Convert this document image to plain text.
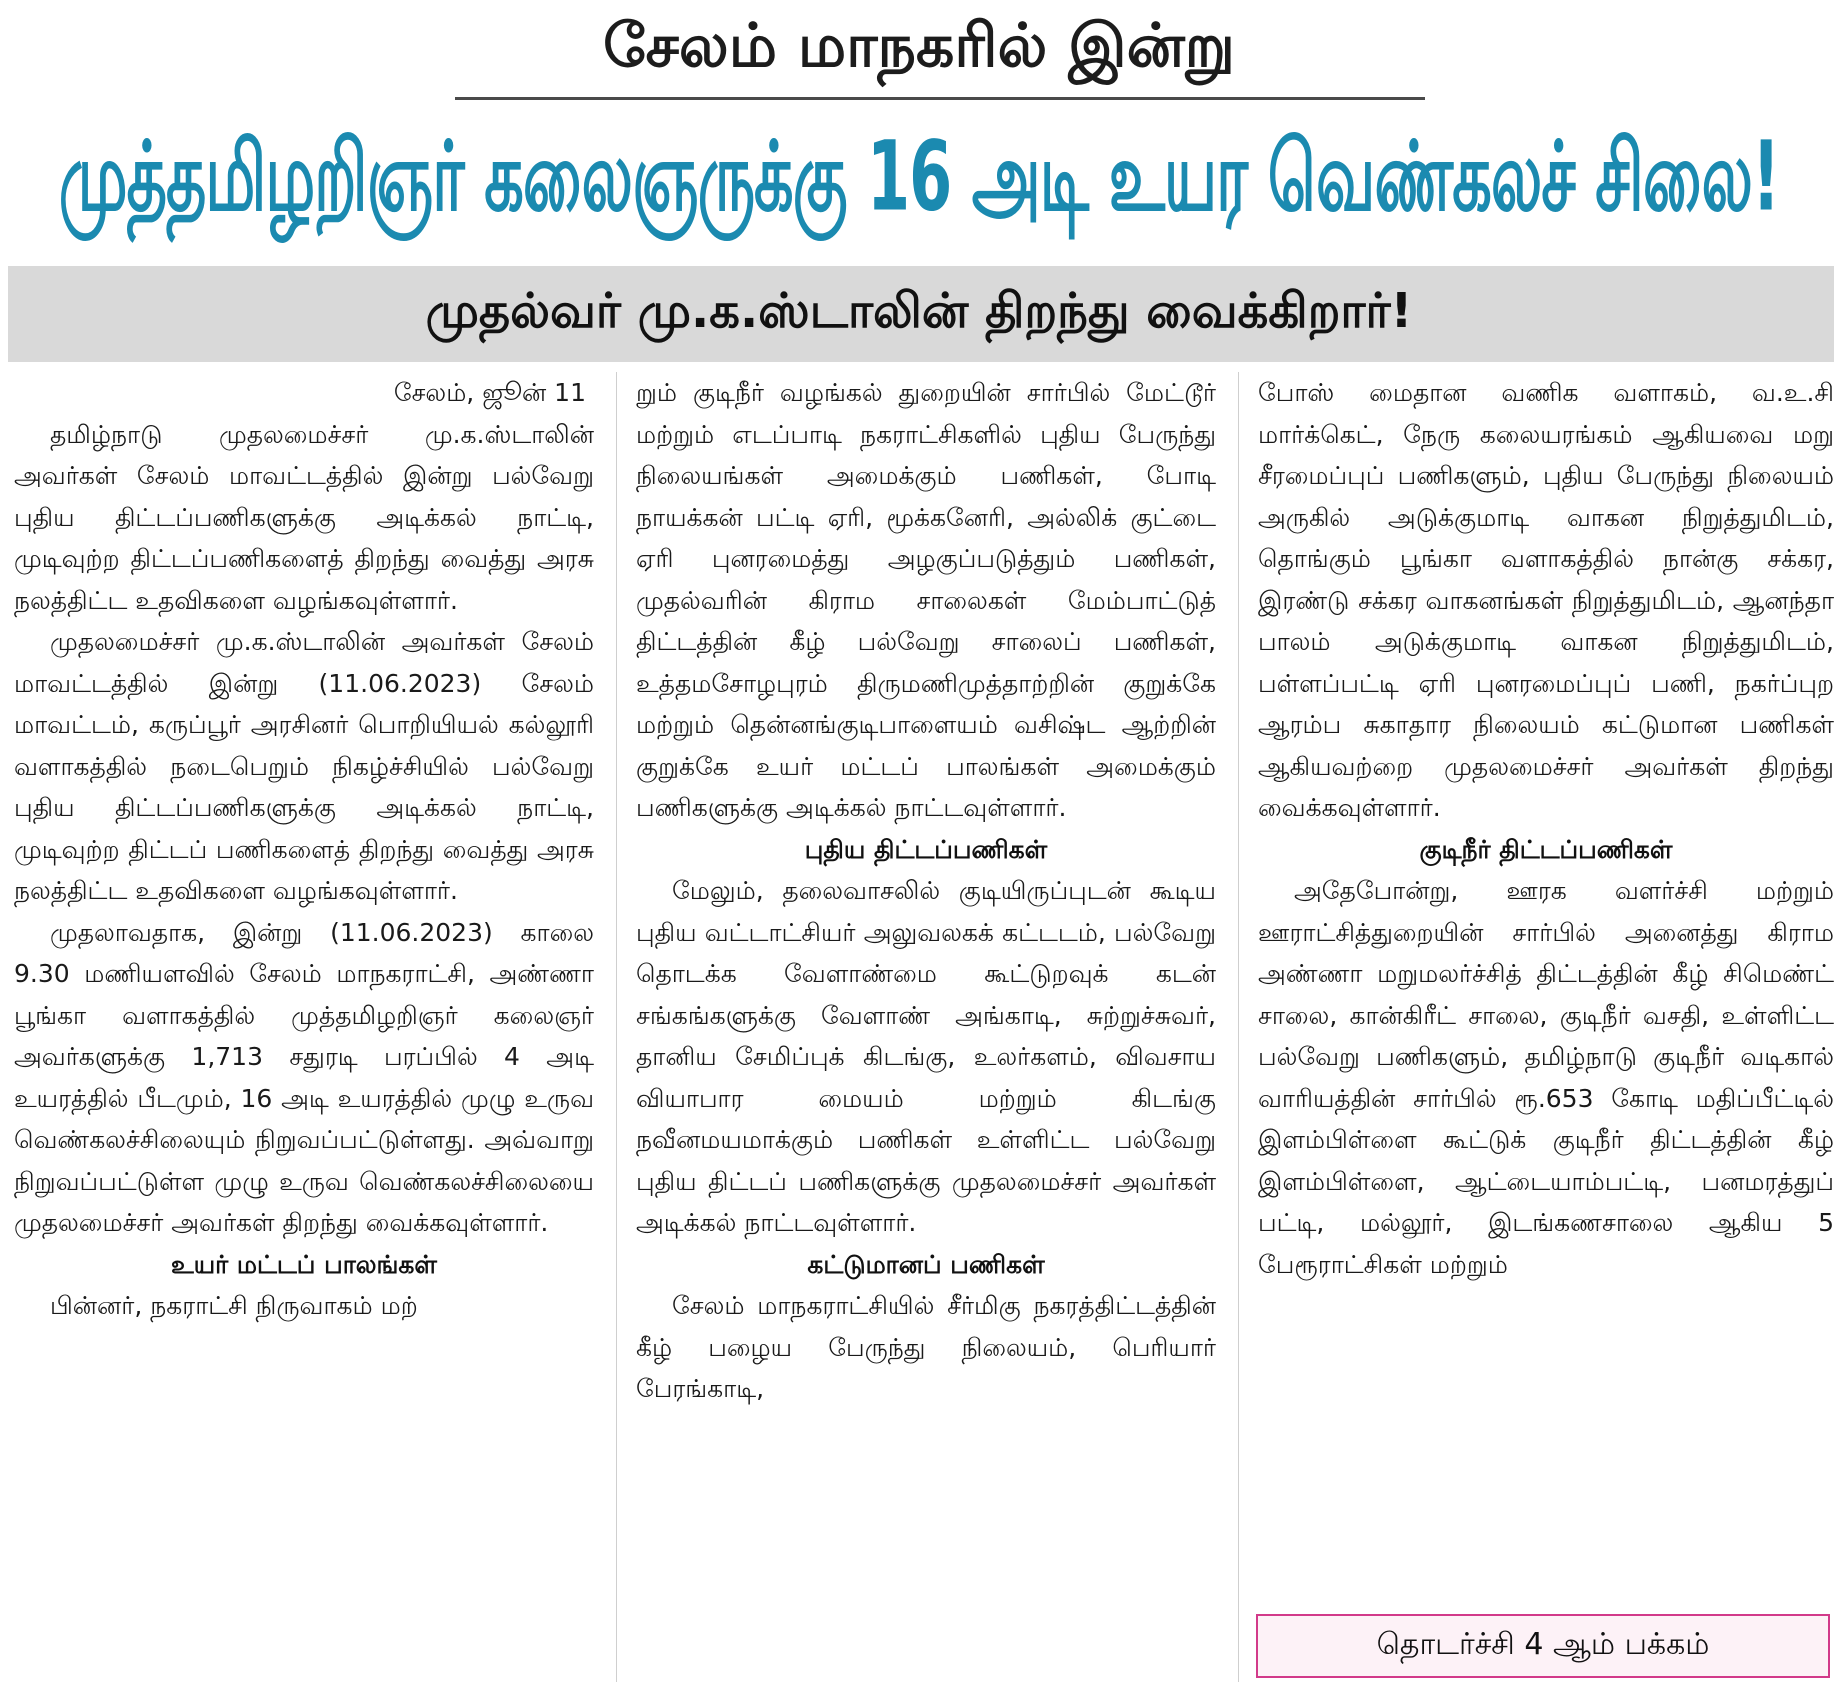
சேலம் மாநகரில் இன்று
முத்தமிழறிஞர் கலைஞருக்கு 16 அடி உயர வெண்கலச் சிலை!
முதல்வர் மு.க.ஸ்டாலின் திறந்து வைக்கிறார்!

சேலம், ஜூன் 11

தமிழ்நாடு முதலமைச்சர் மு.க.ஸ்டாலின் அவர்கள் சேலம் மாவட்டத்தில் இன்று பல்வேறு புதிய திட்டப்பணிகளுக்கு அடிக்கல் நாட்டி, முடிவுற்ற திட்டப்பணிகளைத் திறந்து வைத்து அரசு நலத்திட்ட உதவிகளை வழங்கவுள்ளார்.

முதலமைச்சர் மு.க.ஸ்டாலின் அவர்கள் சேலம் மாவட்டத்தில் இன்று (11.06.2023) சேலம் மாவட்டம், கருப்பூர் அரசினர் பொறியியல் கல்லூரி வளாகத்தில் நடைபெறும் நிகழ்ச்சியில் பல்வேறு புதிய திட்டப்பணிகளுக்கு அடிக்கல் நாட்டி, முடிவுற்ற திட்டப் பணிகளைத் திறந்து வைத்து அரசு நலத்திட்ட உதவிகளை வழங்கவுள்ளார்.

முதலாவதாக, இன்று (11.06.2023) காலை 9.30 மணியளவில் சேலம் மாநகராட்சி, அண்ணா பூங்கா வளாகத்தில் முத்தமிழறிஞர் கலைஞர் அவர்களுக்கு 1,713 சதுரடி பரப்பில் 4 அடி உயரத்தில் பீடமும், 16 அடி உயரத்தில் முழு உருவ வெண்கலச்சிலையும் நிறுவப்பட்டுள்ளது. அவ்வாறு நிறுவப்பட்டுள்ள முழு உருவ வெண்கலச்சிலையை முதலமைச்சர் அவர்கள் திறந்து வைக்கவுள்ளார்.

உயர் மட்டப் பாலங்கள்

பின்னர், நகராட்சி நிருவாகம் மற்

றும் குடிநீர் வழங்கல் துறையின் சார்பில் மேட்டூர் மற்றும் எடப்பாடி நகராட்சிகளில் புதிய பேருந்து நிலையங்கள் அமைக்கும் பணிகள், போடி நாயக்கன் பட்டி ஏரி, மூக்கனேரி, அல்லிக் குட்டை ஏரி புனரமைத்து அழகுப்படுத்தும் பணிகள், முதல்வரின் கிராம சாலைகள் மேம்பாட்டுத் திட்டத்தின் கீழ் பல்வேறு சாலைப் பணிகள், உத்தமசோழபுரம் திருமணிமுத்தாற்றின் குறுக்கே மற்றும் தென்னங்குடிபாளையம் வசிஷ்ட ஆற்றின் குறுக்கே உயர் மட்டப் பாலங்கள் அமைக்கும் பணிகளுக்கு அடிக்கல் நாட்டவுள்ளார்.

புதிய திட்டப்பணிகள்

மேலும், தலைவாசலில் குடியிருப்புடன் கூடிய புதிய வட்டாட்சியர் அலுவலகக் கட்டடம், பல்வேறு தொடக்க வேளாண்மை கூட்டுறவுக் கடன் சங்கங்களுக்கு வேளாண் அங்காடி, சுற்றுச்சுவர், தானிய சேமிப்புக் கிடங்கு, உலர்களம், விவசாய வியாபார மையம் மற்றும் கிடங்கு நவீனமயமாக்கும் பணிகள் உள்ளிட்ட பல்வேறு புதிய திட்டப் பணிகளுக்கு முதலமைச்சர் அவர்கள் அடிக்கல் நாட்டவுள்ளார்.

கட்டுமானப் பணிகள்

சேலம் மாநகராட்சியில் சீர்மிகு நகரத்திட்டத்தின் கீழ் பழைய பேருந்து நிலையம், பெரியார் பேரங்காடி,

போஸ் மைதான வணிக வளாகம், வ.உ.சி மார்க்கெட், நேரு கலையரங்கம் ஆகியவை மறு சீரமைப்புப் பணிகளும், புதிய பேருந்து நிலையம் அருகில் அடுக்குமாடி வாகன நிறுத்துமிடம், தொங்கும் பூங்கா வளாகத்தில் நான்கு சக்கர, இரண்டு சக்கர வாகனங்கள் நிறுத்துமிடம், ஆனந்தா பாலம் அடுக்குமாடி வாகன நிறுத்துமிடம், பள்ளப்பட்டி ஏரி புனரமைப்புப் பணி, நகர்ப்புற ஆரம்ப சுகாதார நிலையம் கட்டுமான பணிகள் ஆகியவற்றை முதலமைச்சர் அவர்கள் திறந்து வைக்கவுள்ளார்.

குடிநீர் திட்டப்பணிகள்

அதேபோன்று, ஊரக வளர்ச்சி மற்றும் ஊராட்சித்துறையின் சார்பில் அனைத்து கிராம அண்ணா மறுமலர்ச்சித் திட்டத்தின் கீழ் சிமெண்ட் சாலை, கான்கிரீட் சாலை, குடிநீர் வசதி, உள்ளிட்ட பல்வேறு பணிகளும், தமிழ்நாடு குடிநீர் வடிகால் வாரியத்தின் சார்பில் ரூ.653 கோடி மதிப்பீட்டில் இளம்பிள்ளை கூட்டுக் குடிநீர் திட்டத்தின் கீழ் இளம்பிள்ளை, ஆட்டையாம்பட்டி, பனமரத்துப் பட்டி, மல்லூர், இடங்கணசாலை ஆகிய 5 பேரூராட்சிகள் மற்றும்

தொடர்ச்சி 4 ஆம் பக்கம்
